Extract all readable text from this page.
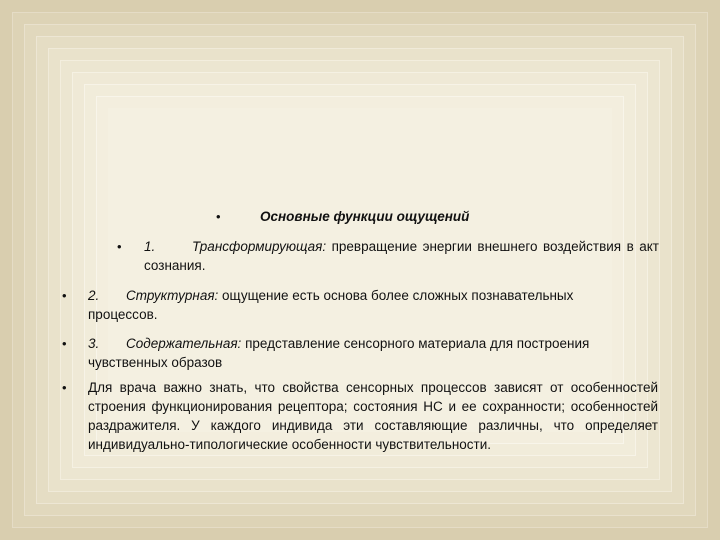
•	Основные функции ощущений
• 1.	Трансформирующая: превращение энергии внешнего воздействия в акт сознания.
• 2. Структурная: ощущение есть основа более сложных познавательных процессов.
• 3. Содержательная: представление сенсорного материала для построения чувственных образов
• Для врача важно знать, что свойства сенсорных процессов зависят от особенностей строения функционирования рецептора; состояния НС и ее сохранности; особенностей раздражителя. У каждого индивида эти составляющие различны, что определяет индивидуально-типологические особенности чувствительности.
